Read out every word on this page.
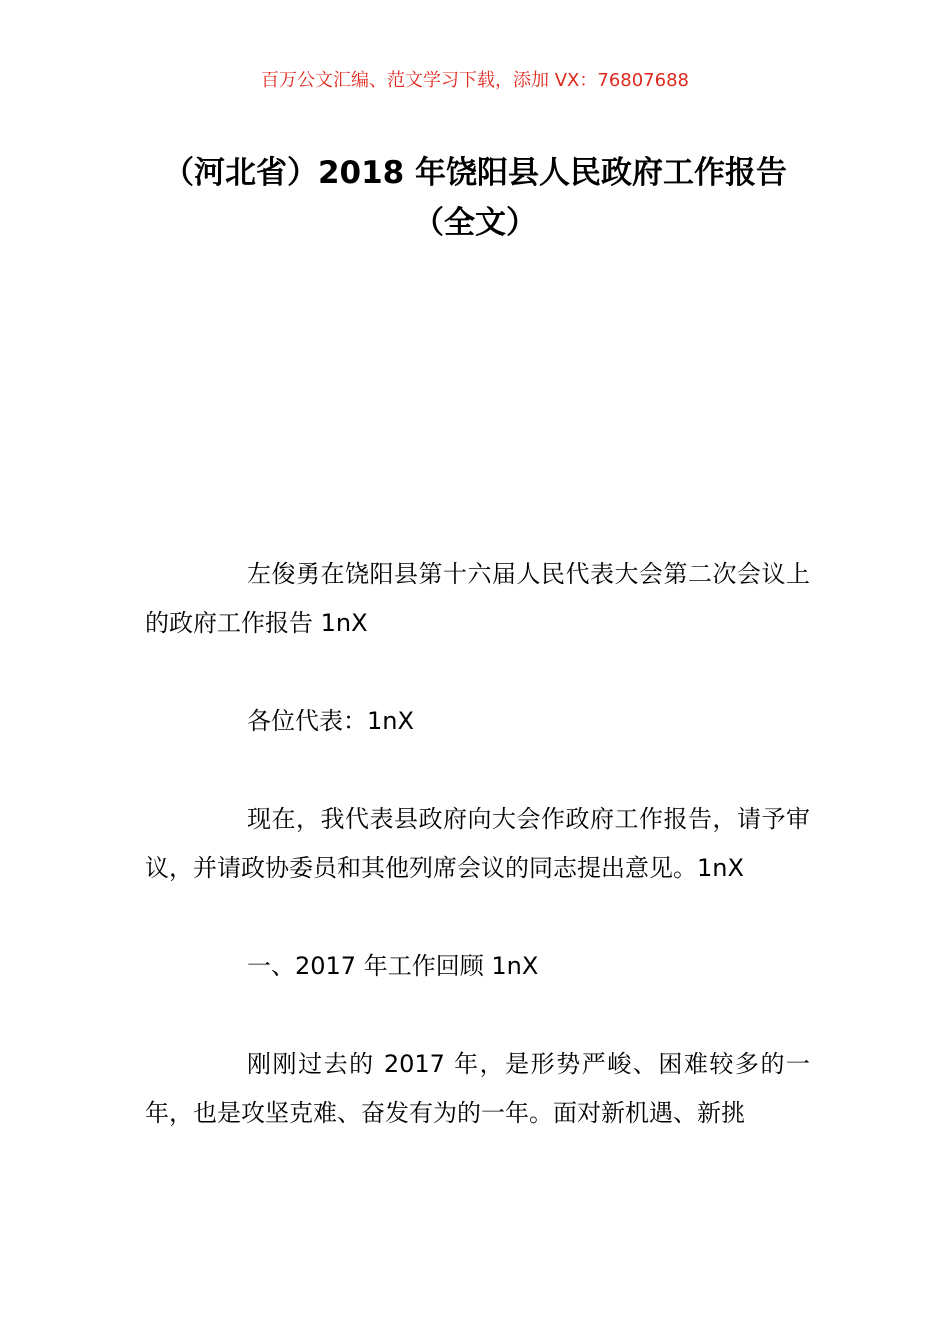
百万公文汇编、范文学习下载，添加 VX：76807688
（河北省）2018 年饶阳县人民政府工作报告（全文）

左俊勇在饶阳县第十六届人民代表大会第二次会议上的政府工作报告 1nX

各位代表：1nX

现在，我代表县政府向大会作政府工作报告，请予审议，并请政协委员和其他列席会议的同志提出意见。1nX

一、2017 年工作回顾 1nX

刚刚过去的 2017 年，是形势严峻、困难较多的一年，也是攻坚克难、奋发有为的一年。面对新机遇、新挑
